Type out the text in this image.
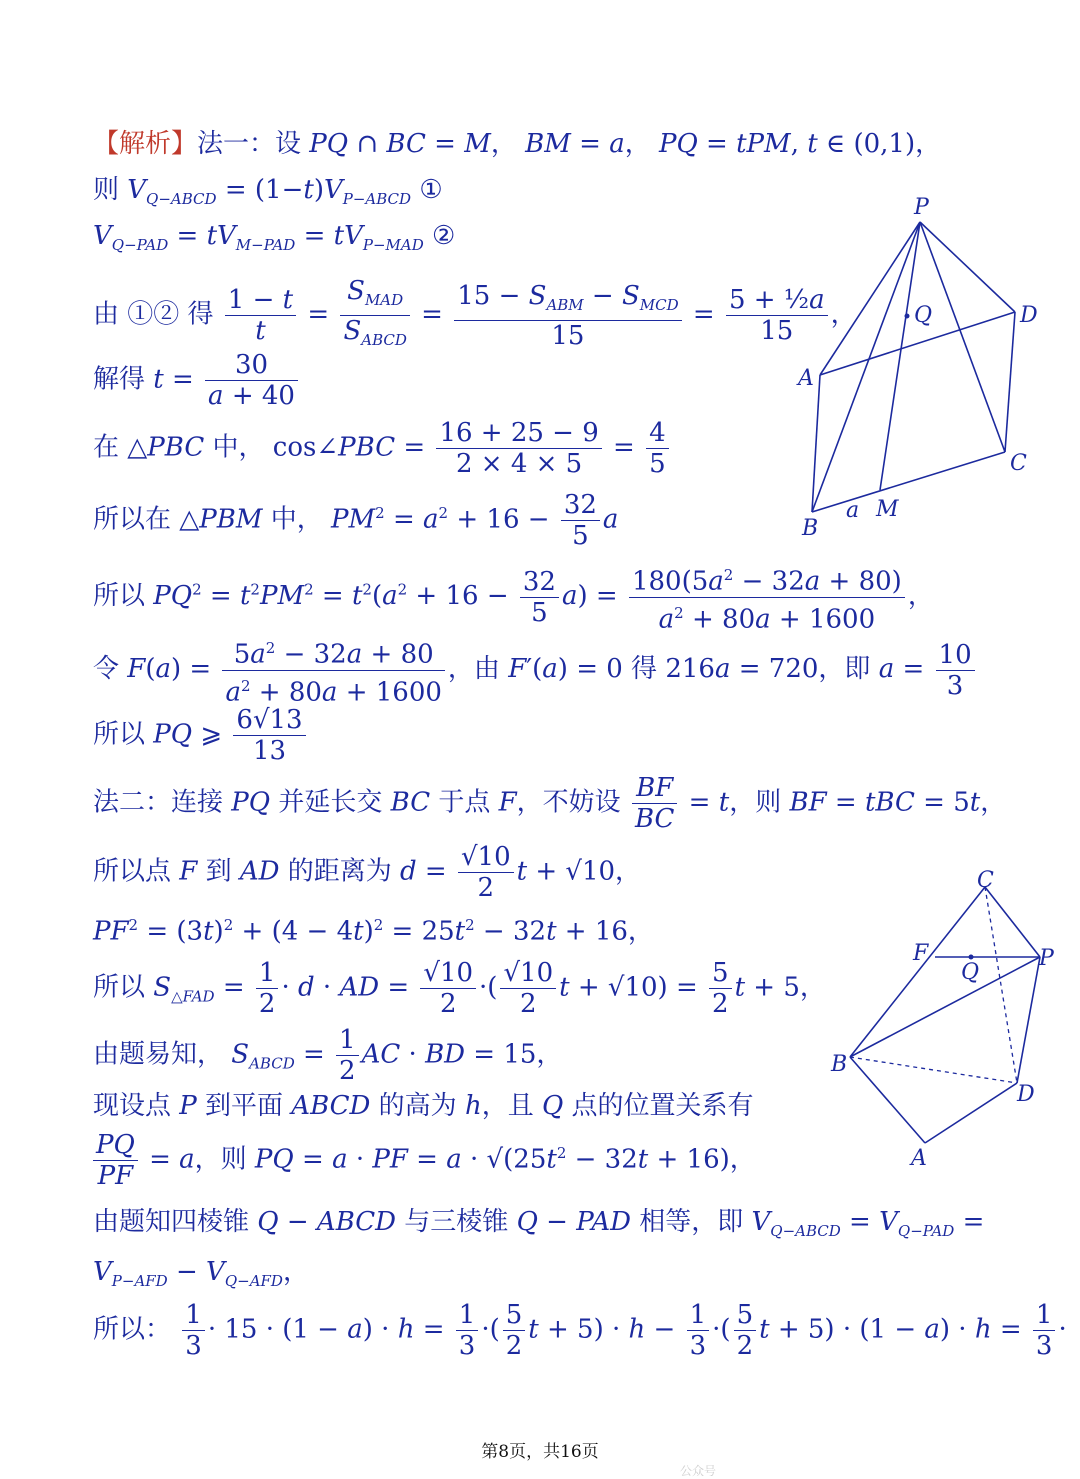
【解析】法一：设 PQ ∩ BC = M， BM = a， PQ = tPM, t ∈ (0,1)，
则 $V_{Q-ABCD} = (1-t)V_{P-ABCD}$ ①
$V_{Q-PAD} = tV_{M-PAD} = tV_{P-MAD}$ ②
由 ①② 得 $\frac{1 - t}{t}$ =
$S_{MAD}$
$S_{ABCD}$
=
$15 - S_{ABM} - S_{MCD}$
15
= $\frac{\text{5 + ½a}}{15}$ ，
解得 $t = \frac{30}{a + 40}$
在 △PBC 中， cos∠PBC = $\frac{16 + 25 - 9}{2 \times 4 \times 5} = \frac{4}{5}$
所以在 △PBM 中， $PM^2 = a^2 + 16 - \frac{32}{5}$ a
所以 $PQ^2 = t^2PM^2 = t^2(a^2 + 16 - \frac{32}{5} a) = \frac{180(5a^2 - 32a + 80)}{a^2 + 80a + 1600}$ ，
令 $F(a) = \frac{5a^2 - 32a + 80}{a^2 + 80a + 1600}$ ，由 F′(a) = 0 得 216a = 720，即 $a = \frac{10}{3}$
所以 PQ ⩾ $\frac{6√13}{13}$
法二：连接 PQ 并延长交 BC 于点 F，不妨设 $\frac{BF}{BC} = t$，则 BF = tBC = 5t，
所以点 F 到 AD 的距离为 $d = \frac{√10}{2}$ t + √10，
$PF^2 = (3t)^2 + (4 - 4t)^2 = 25t^2 - 32t + 16$，
所以 $S_{\triangle FAD} = \frac{1}{2} \cdot d$ · AD = $\frac{√10}{2}$ ·( $\frac{√10}{2}$ $t + √10) = \frac{5}{2}$ t + 5，
由题易知， $S_{ABCD} = \frac{1}{2}$ AC · BD = 15，
现设点 P 到平面 ABCD 的高为 h，且 Q 点的位置关系有
$\frac{PQ}{PF} = a$，则 PQ = a · PF = $a \cdot √(25t^2 - 32t + 16)$，
由题知四棱锥 Q − ABCD 与三棱锥 Q − PAD 相等，即 $V_{Q-ABCD} = V_{Q-PAD}$ =
$V_{P-AFD} - V_{Q-AFD}$，
所以： $\frac{1}{3} \cdot 15 \cdot (1 - a) \cdot h = \frac{1}{3}$ ·( $\frac{5}{2}$ $t + 5) \cdot h - \frac{1}{3}$ ·( $\frac{5}{2}$ $t + 5) \cdot (1 - a) \cdot h = \frac{1}{3}$ ·
P
Q	D
A
C
B
a M
C
F
Q
P
B
D
A
第8页，共16页
公众号
